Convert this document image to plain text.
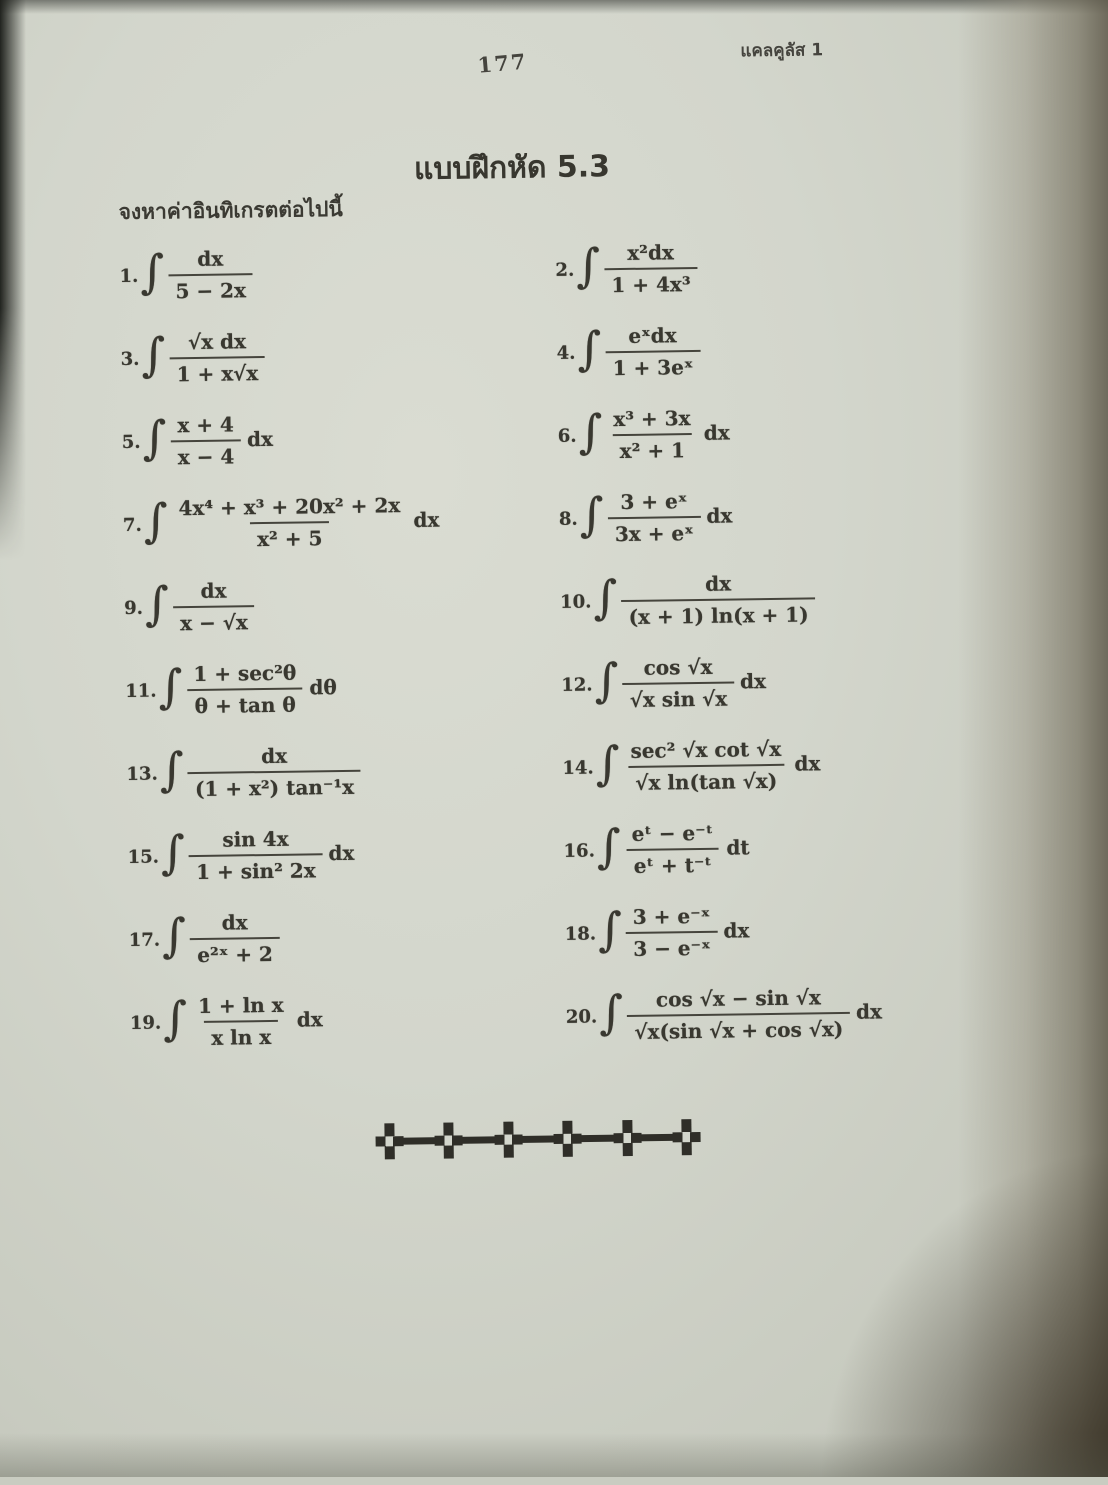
177	แคลคูลัส 1
แบบฝึกหัด 5.3

จงหาค่าอินทิเกรตต่อไปนี้

1. ∫ $\frac{dx}{5 - 2x}$	2. ∫ $\frac{\text{x²dx}}{\text{1 + 4x³}}$
3. ∫ $\frac{\text{√x dx}}{1 + x√x}$	4. ∫ $\frac{\text{eˣdx}}{\text{1 + 3eˣ}}$
5. ∫ $\frac{x + 4}{x - 4}$ dx	6. ∫ $\frac{\text{x³ + 3x}}{\text{x² + 1}}$ dx
7. ∫ $\frac{\text{4x⁴ + x³ + 20x² + 2x}}{\text{x² + 5}}$ dx	8. ∫ $\frac{\text{3 + eˣ}}{\text{3x + eˣ}}$ dx
9. ∫ $\frac{dx}{x - √x}$	10. ∫ $\frac{dx}{(x + 1) \ln(x + 1)}$
11. ∫ $\frac{\text{1 + sec²θ}}{\text{θ + tan θ}}$ dθ	12. ∫ $\frac{\cos √x}{\text{√x sin √x}}$ dx
13. ∫ $\frac{dx}{\text{(1 + x²) tan⁻¹x}}$	14. ∫ $\frac{\text{sec² √x cot √x}}{\text{√x ln(tan √x)}}$ dx
15. ∫ $\frac{\sin 4x}{\text{1 + sin² 2x}}$ dx	16. ∫ $\frac{\text{eᵗ − e⁻ᵗ}}{\text{eᵗ + t⁻ᵗ}}$ dt
17. ∫ $\frac{dx}{\text{e²ˣ + 2}}$	18. ∫ $\frac{\text{3 + e⁻ˣ}}{\text{3 − e⁻ˣ}}$ dx
19. ∫ $\frac{\text{1 + ln x}}{\text{x ln x}}$ dx	20. ∫ $\frac{\cos √x - \sin √x}{√x(\sin √x + \cos √x)}$ dx
